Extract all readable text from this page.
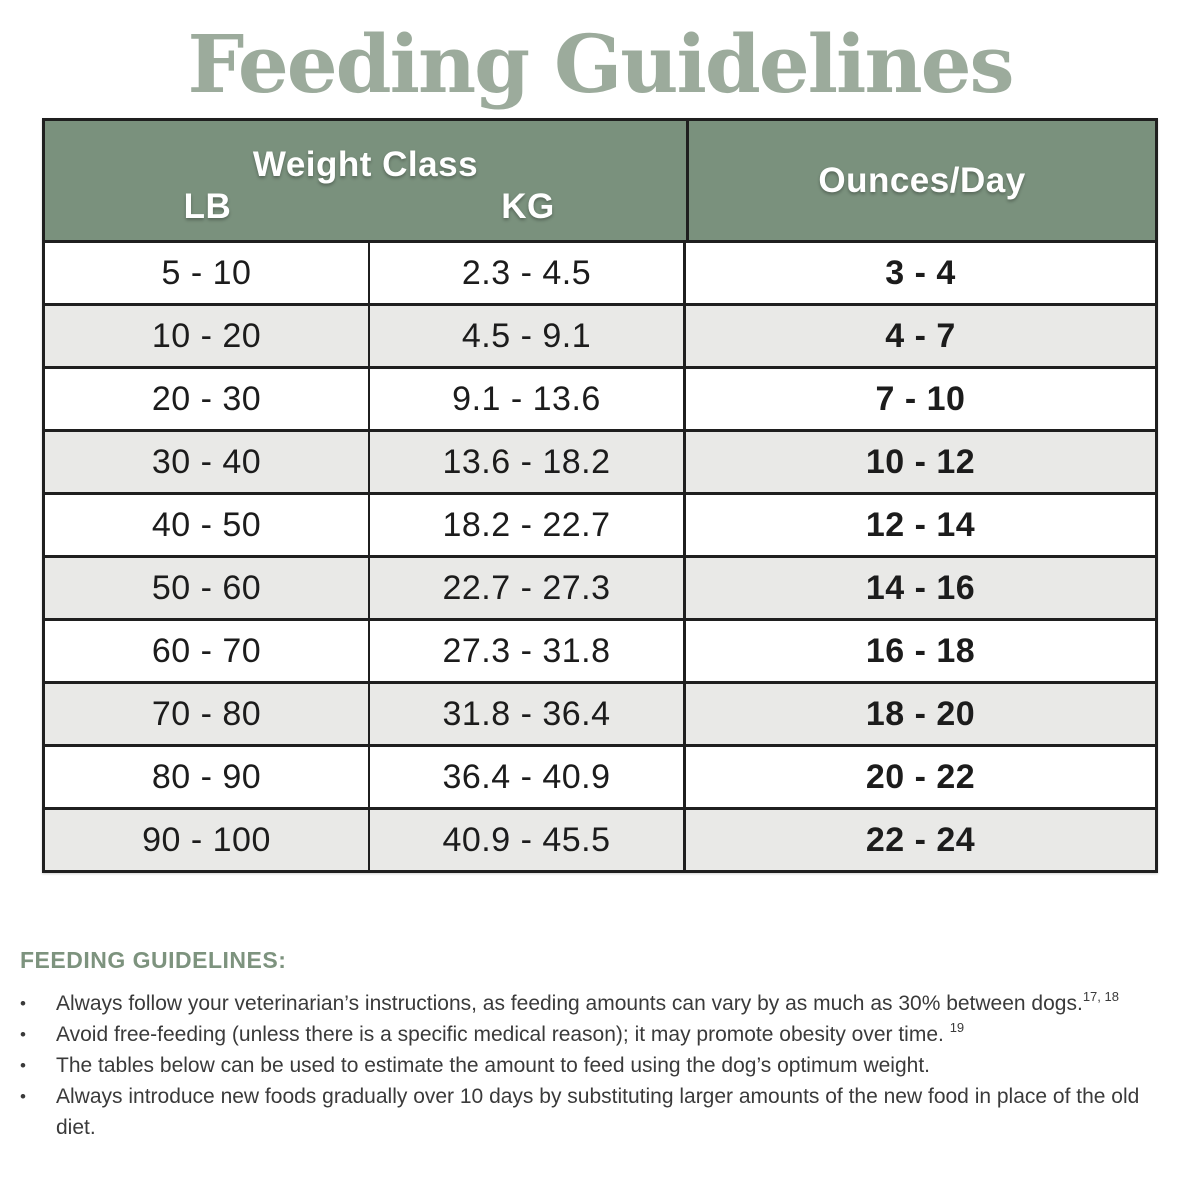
Feeding Guidelines
Weight Class
LB	KG
Ounces/Day
5 - 10	2.3 - 4.5	3 - 4
10 - 20	4.5 - 9.1	4 - 7
20 - 30	9.1 - 13.6	7 - 10
30 - 40	13.6 - 18.2	10 - 12
40 - 50	18.2 - 22.7	12 - 14
50 - 60	22.7 - 27.3	14 - 16
60 - 70	27.3 - 31.8	16 - 18
70 - 80	31.8 - 36.4	18 - 20
80 - 90	36.4 - 40.9	20 - 22
90 - 100	40.9 - 45.5	22 - 24
FEEDING GUIDELINES:
•	Always follow your veterinarian’s instructions, as feeding amounts can vary by as much as 30% between dogs.$^{17, 18}$
•	Avoid free-feeding (unless there is a specific medical reason); it may promote obesity over time. $^{19}$
•	The tables below can be used to estimate the amount to feed using the dog’s optimum weight.
•	Always introduce new foods gradually over 10 days by substituting larger amounts of the new food in place of the old diet.
